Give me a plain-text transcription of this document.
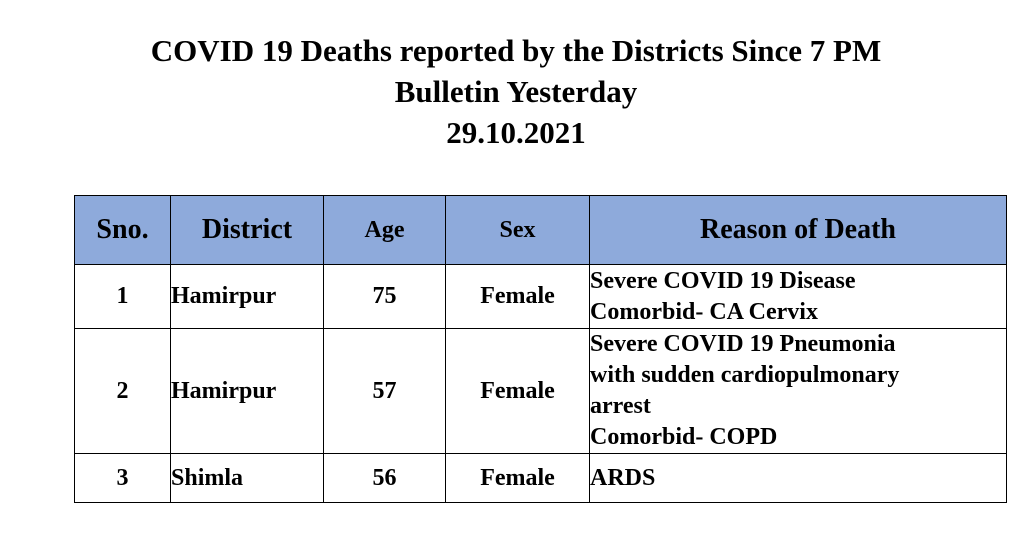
COVID 19 Deaths reported by the Districts Since 7 PM
Bulletin Yesterday
29.10.2021
Sno.	District	Age	Sex	Reason of Death
1	Hamirpur	75	Female	Severe COVID 19 Disease
Comorbid- CA Cervix

2	Hamirpur	57	Female	Severe COVID 19 Pneumonia
with sudden cardiopulmonary
arrest
Comorbid- COPD

3	Shimla	56	Female	ARDS
